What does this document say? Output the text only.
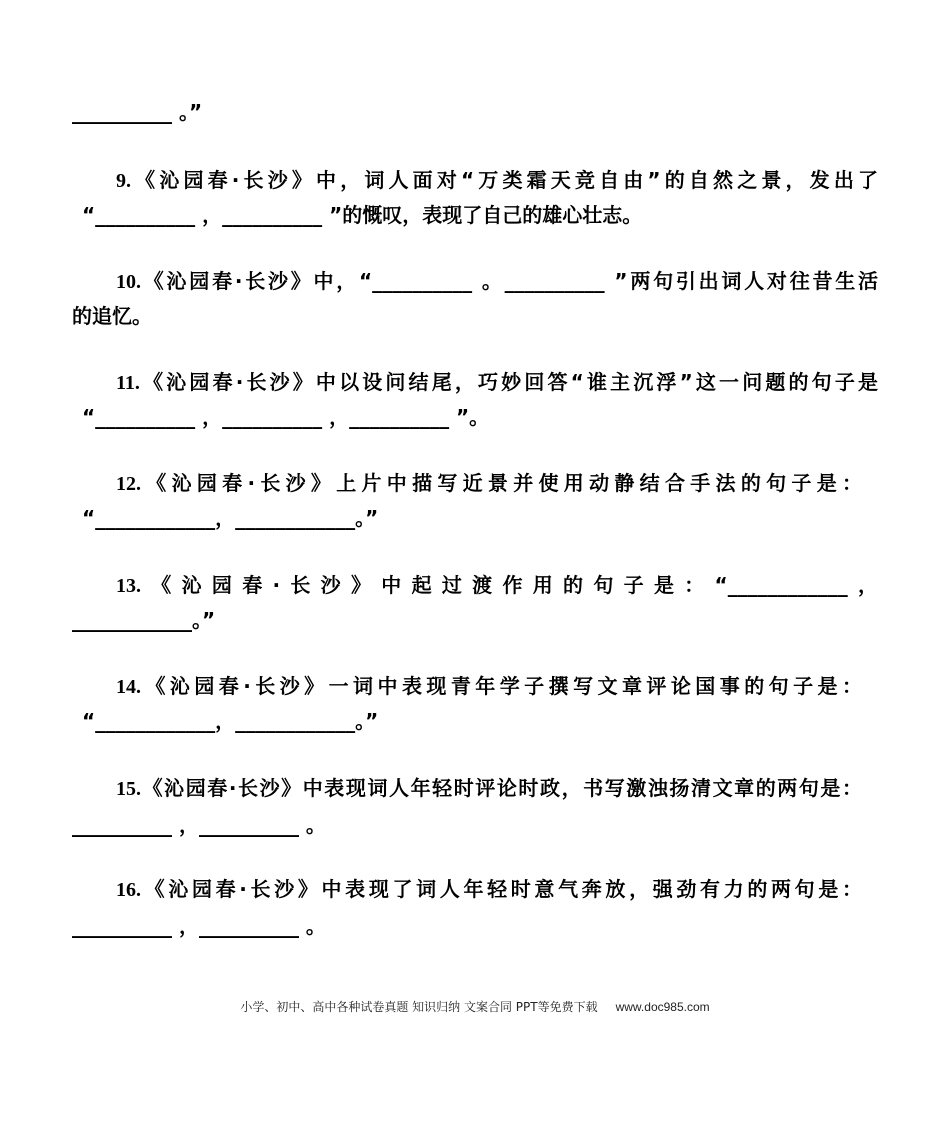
__________ 。”
9.《沁园春·长沙》中，词人面对“万类霜天竞自由”的自然之景，发出了
“__________ ，__________ ”的慨叹，表现了自己的雄心壮志。
10.《沁园春·长沙》中，“__________ 。__________ ”两句引出词人对往昔生活
的追忆。
11.《沁园春·长沙》中以设问结尾，巧妙回答“谁主沉浮”这一问题的句子是
“__________ ，__________ ，__________ ”。
12.《沁园春·长沙》上片中描写近景并使用动静结合手法的句子是：
“____________，____________。”
13.《沁园春·长沙》中起过渡作用的句子是：“____________，
____________。”
14.《沁园春·长沙》一词中表现青年学子撰写文章评论国事的句子是：
“____________，____________。”
15.《沁园春·长沙》中表现词人年轻时评论时政，书写激浊扬清文章的两句是：
__________ ，__________ 。
16.《沁园春·长沙》中表现了词人年轻时意气奔放，强劲有力的两句是：
__________ ，__________ 。
小学、初中、高中各种试卷真题 知识归纳 文案合同 PPT等免费下载 www.doc985.com
